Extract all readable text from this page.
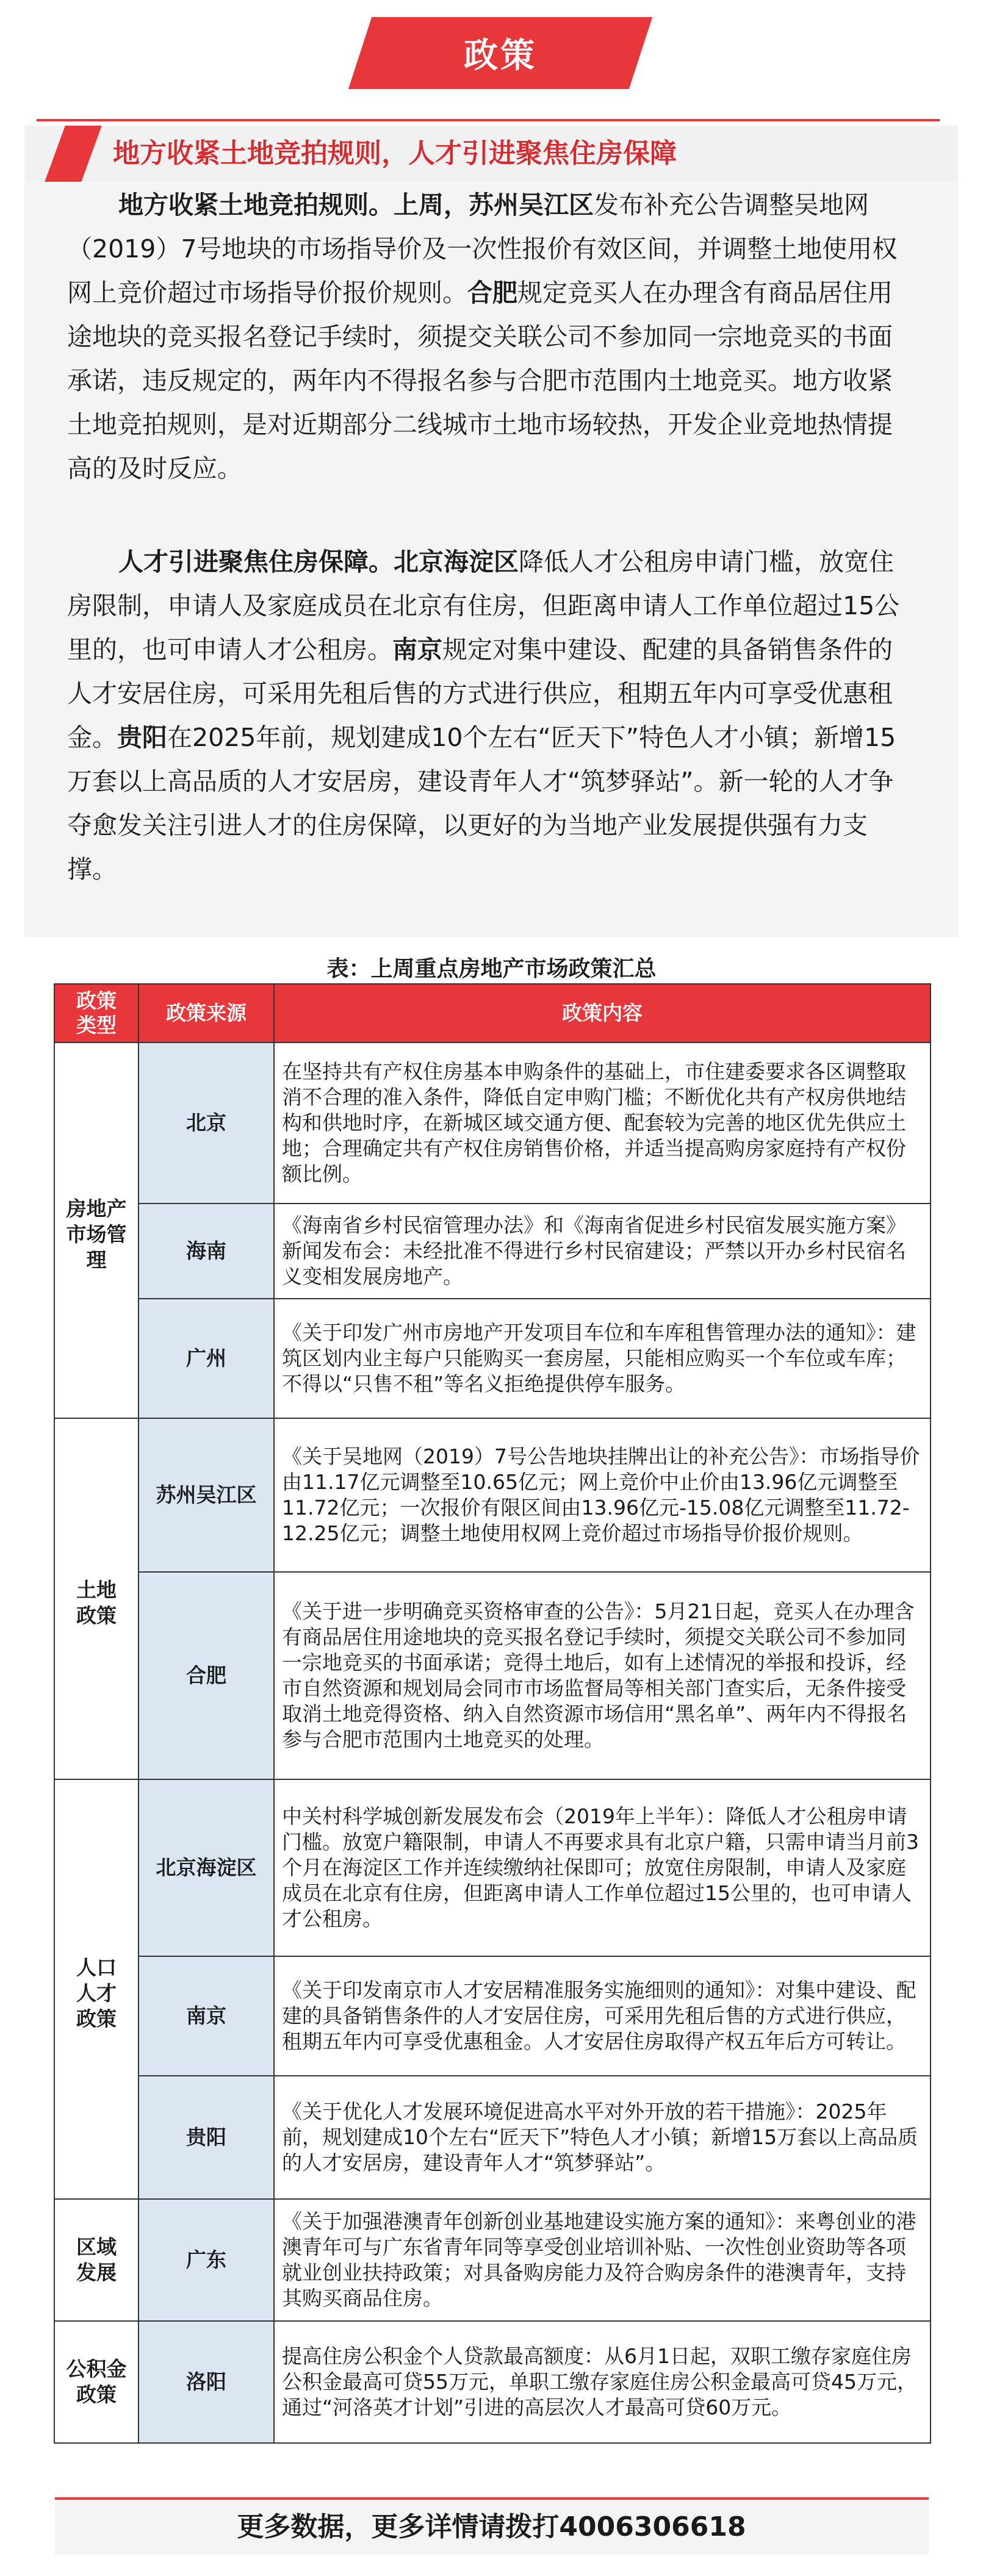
政策
地方收紧土地竞拍规则，人才引进聚焦住房保障

地方收紧土地竞拍规则。上周，苏州吴江区发布补充公告调整吴地网（2019）7号地块的市场指导价及一次性报价有效区间，并调整土地使用权网上竞价超过市场指导价报价规则。合肥规定竞买人在办理含有商品居住用途地块的竞买报名登记手续时，须提交关联公司不参加同一宗地竞买的书面承诺，违反规定的，两年内不得报名参与合肥市范围内土地竞买。地方收紧土地竞拍规则，是对近期部分二线城市土地市场较热，开发企业竞地热情提高的及时反应。

人才引进聚焦住房保障。北京海淀区降低人才公租房申请门槛，放宽住房限制，申请人及家庭成员在北京有住房，但距离申请人工作单位超过15公里的，也可申请人才公租房。南京规定对集中建设、配建的具备销售条件的人才安居住房，可采用先租后售的方式进行供应，租期五年内可享受优惠租金。贵阳在2025年前，规划建成10个左右“匠天下”特色人才小镇；新增15万套以上高品质的人才安居房，建设青年人才“筑梦驿站”。新一轮的人才争夺愈发关注引进人才的住房保障，以更好的为当地产业发展提供强有力支撑。

表：上周重点房地产市场政策汇总
政策类型	政策来源	政策内容
房地产市场管理	北京	在坚持共有产权住房基本申购条件的基础上，市住建委要求各区调整取消不合理的准入条件，降低自定申购门槛；不断优化共有产权房供地结构和供地时序，在新城区域交通方便、配套较为完善的地区优先供应土地；合理确定共有产权住房销售价格，并适当提高购房家庭持有产权份额比例。
	海南	《海南省乡村民宿管理办法》和《海南省促进乡村民宿发展实施方案》新闻发布会：未经批准不得进行乡村民宿建设；严禁以开办乡村民宿名义变相发展房地产。
	广州	《关于印发广州市房地产开发项目车位和车库租售管理办法的通知》：建筑区划内业主每户只能购买一套房屋，只能相应购买一个车位或车库；不得以“只售不租”等名义拒绝提供停车服务。
土地政策	苏州吴江区	《关于吴地网（2019）7号公告地块挂牌出让的补充公告》：市场指导价由11.17亿元调整至10.65亿元；网上竞价中止价由13.96亿元调整至11.72亿元；一次报价有限区间由13.96亿元-15.08亿元调整至11.72-12.25亿元；调整土地使用权网上竞价超过市场指导价报价规则。
	合肥	《关于进一步明确竞买资格审查的公告》：5月21日起，竞买人在办理含有商品居住用途地块的竞买报名登记手续时，须提交关联公司不参加同一宗地竞买的书面承诺；竞得土地后，如有上述情况的举报和投诉，经市自然资源和规划局会同市市场监督局等相关部门查实后，无条件接受取消土地竞得资格、纳入自然资源市场信用“黑名单”、两年内不得报名参与合肥市范围内土地竞买的处理。
人口人才政策	北京海淀区	中关村科学城创新发展发布会（2019年上半年）：降低人才公租房申请门槛。放宽户籍限制，申请人不再要求具有北京户籍，只需申请当月前3个月在海淀区工作并连续缴纳社保即可；放宽住房限制，申请人及家庭成员在北京有住房，但距离申请人工作单位超过15公里的，也可申请人才公租房。
	南京	《关于印发南京市人才安居精准服务实施细则的通知》：对集中建设、配建的具备销售条件的人才安居住房，可采用先租后售的方式进行供应，租期五年内可享受优惠租金。人才安居住房取得产权五年后方可转让。
	贵阳	《关于优化人才发展环境促进高水平对外开放的若干措施》：2025年前，规划建成10个左右“匠天下”特色人才小镇；新增15万套以上高品质的人才安居房，建设青年人才“筑梦驿站”。
区域发展	广东	《关于加强港澳青年创新创业基地建设实施方案的通知》：来粤创业的港澳青年可与广东省青年同等享受创业培训补贴、一次性创业资助等各项就业创业扶持政策；对具备购房能力及符合购房条件的港澳青年，支持其购买商品住房。
公积金政策	洛阳	提高住房公积金个人贷款最高额度：从6月1日起，双职工缴存家庭住房公积金最高可贷55万元，单职工缴存家庭住房公积金最高可贷45万元，通过“河洛英才计划”引进的高层次人才最高可贷60万元。
更多数据，更多详情请拨打4006306618
